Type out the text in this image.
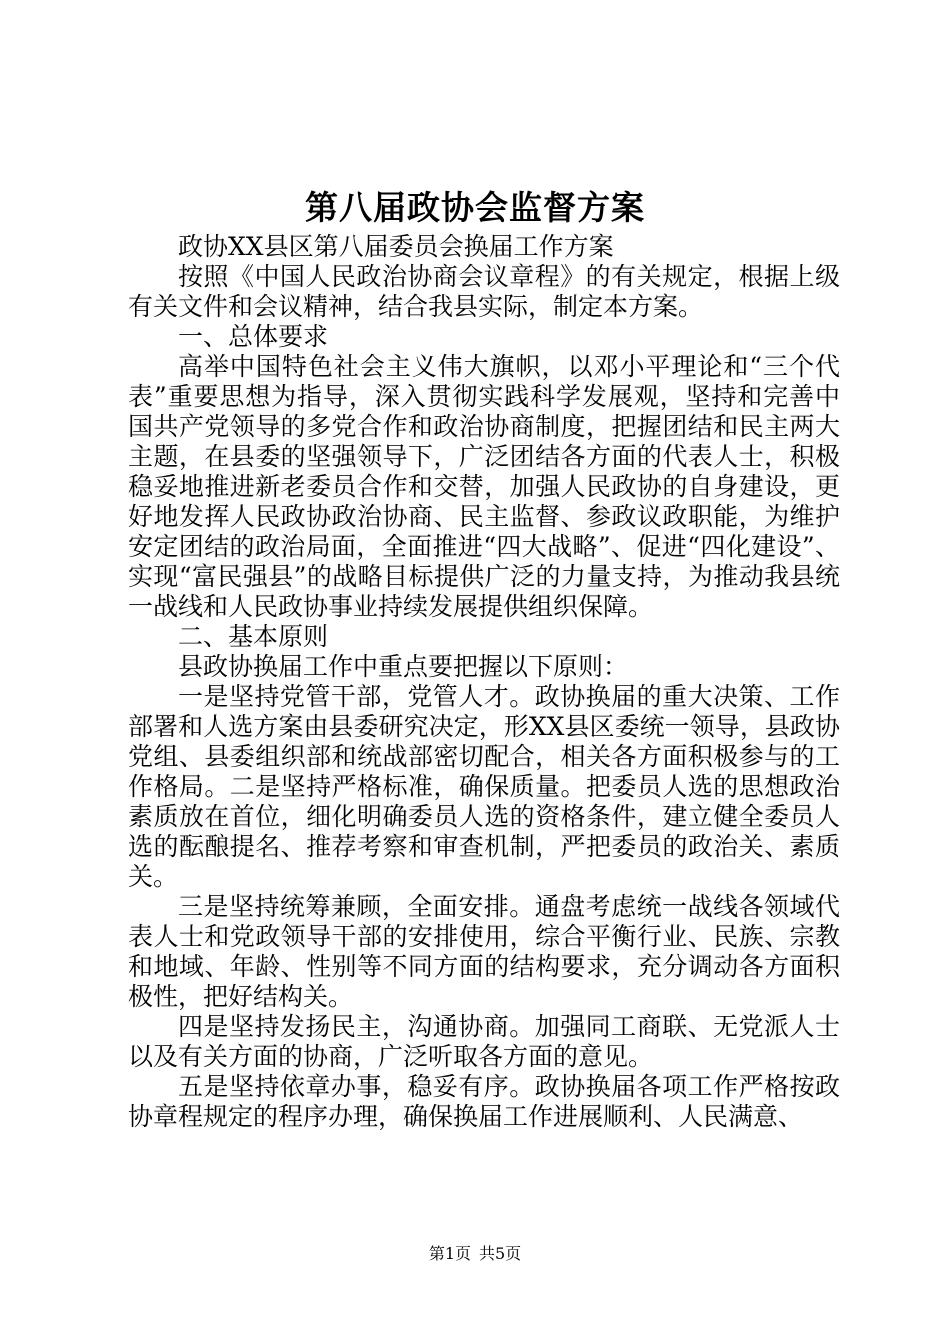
第八届政协会监督方案

政协XX县区第八届委员会换届工作方案

按照《中国人民政治协商会议章程》的有关规定，根据上级有关文件和会议精神，结合我县实际，制定本方案。

一、总体要求

高举中国特色社会主义伟大旗帜，以邓小平理论和“三个代表”重要思想为指导，深入贯彻实践科学发展观，坚持和完善中国共产党领导的多党合作和政治协商制度，把握团结和民主两大主题，在县委的坚强领导下，广泛团结各方面的代表人士，积极稳妥地推进新老委员合作和交替，加强人民政协的自身建设，更好地发挥人民政协政治协商、民主监督、参政议政职能，为维护安定团结的政治局面，全面推进“四大战略”、促进“四化建设”、实现“富民强县”的战略目标提供广泛的力量支持，为推动我县统一战线和人民政协事业持续发展提供组织保障。

二、基本原则

县政协换届工作中重点要把握以下原则：

一是坚持党管干部，党管人才。政协换届的重大决策、工作部署和人选方案由县委研究决定，形XX县区委统一领导，县政协党组、县委组织部和统战部密切配合，相关各方面积极参与的工作格局。二是坚持严格标准，确保质量。把委员人选的思想政治素质放在首位，细化明确委员人选的资格条件，建立健全委员人选的酝酿提名、推荐考察和审查机制，严把委员的政治关、素质关。

三是坚持统筹兼顾，全面安排。通盘考虑统一战线各领域代表人士和党政领导干部的安排使用，综合平衡行业、民族、宗教和地域、年龄、性别等不同方面的结构要求，充分调动各方面积极性，把好结构关。

四是坚持发扬民主，沟通协商。加强同工商联、无党派人士以及有关方面的协商，广泛听取各方面的意见。

五是坚持依章办事，稳妥有序。政协换届各项工作严格按政协章程规定的程序办理，确保换届工作进展顺利、人民满意、

第1页 共5页
